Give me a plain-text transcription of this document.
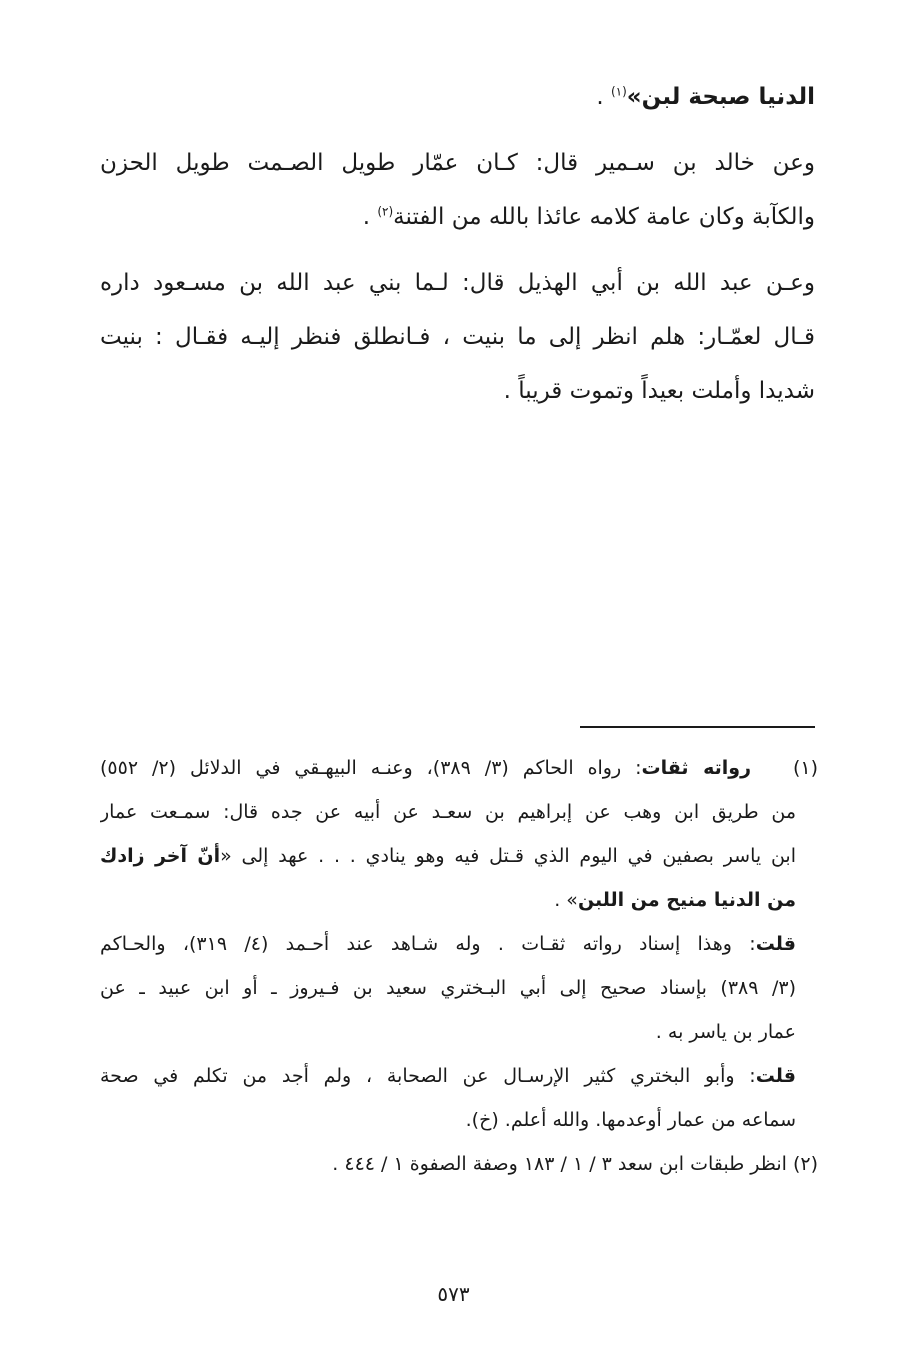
الدنيا صبحة لبن»$^{(١)}$ .
وعن خالد بن سـمير قال: كـان عمّار طويل الصـمت طويل الحزن
والكآبة وكان عامة كلامه عائذا بالله من الفتنة$^{(٢)}$ .
وعـن عبد الله بن أبي الهذيل قال: لـما بني عبد الله بن مسـعود داره
قـال لعمّـار: هلم انظر إلى ما بنيت ، فـانطلق فنظر إليـه فقـال : بنيت
شديدا وأملت بعيداً وتموت قريباً .
(١)   رواته ثقات: رواه الحاكم (٣/ ٣٨٩)، وعنـه البيهـقي في الدلائل (٢/ ٥٥٢)
من طريق ابن وهب عن إبراهيم بن سعـد عن أبيه عن جده قال: سمـعت عمار
ابن ياسر بصفين في اليوم الذي قـتل فيه وهو ينادي . . . عهد إلى «أنّ آخر زادك
من الدنيا منيح من اللبن» .
قلت: وهذا إسناد رواته ثقـات . وله شـاهد عند أحـمد (٤/ ٣١٩)، والحـاكم
(٣/ ٣٨٩) بإسناد صحيح إلى أبي البـختري سعيد بن فـيروز ـ أو ابن عبيد ـ عن
عمار بن ياسر به .
قلت: وأبو البختري كثير الإرسـال عن الصحابة ، ولم أجد من تكلم في صحة
سماعه من عمار أوعدمها. والله أعلم. (خ).
(٢) انظر طبقات ابن سعد ٣ / ١ / ١٨٣ وصفة الصفوة ١ / ٤٤٤ .
٥٧٣
